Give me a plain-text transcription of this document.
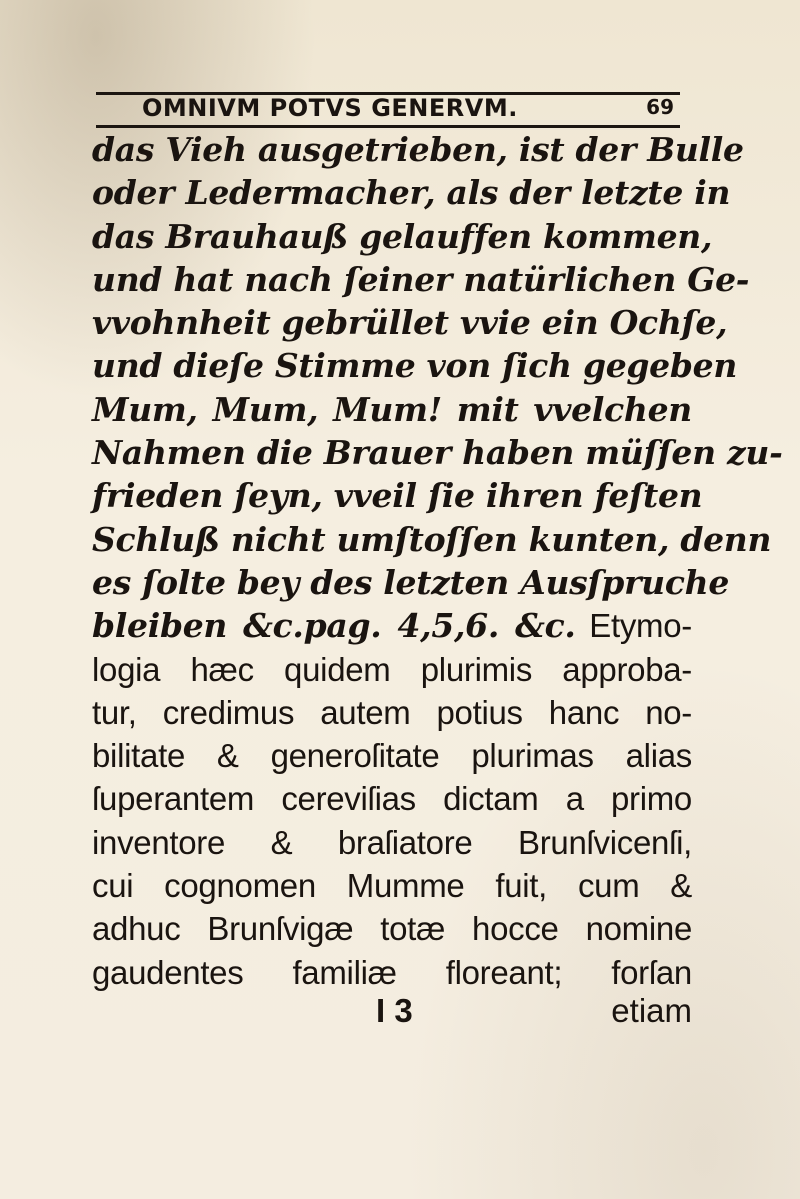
OMNIVM POTVS GENERVM.	69
das Vieh ausgetrieben, ist der Bulle
oder Ledermacher, als der letzte in
das Brauhauß gelauffen kommen,
und hat nach ſeiner natürlichen Ge-
vvohnheit gebrüllet vvie ein Ochſe,
und dieſe Stimme von ſich gegeben
Mum, Mum, Mum! mit vvelchen
Nahmen die Brauer haben müſſen zu-
frieden ſeyn, vveil ſie ihren feſten
Schluß nicht umſtoſſen kunten, denn
es ſolte bey des letzten Ausſpruche
bleiben &c.pag. 4,5,6. &c. Etymo-
logia hæc quidem plurimis approba-
tur, credimus autem potius hanc no-
bilitate & generoſitate plurimas alias
ſuperantem cereviſias dictam a primo
inventore & braſiatore Brunſvicenſi,
cui cognomen Mumme fuit, cum &
adhuc Brunſvigæ totæ hocce nomine
gaudentes familiæ floreant; forſan
I 3	etiam
